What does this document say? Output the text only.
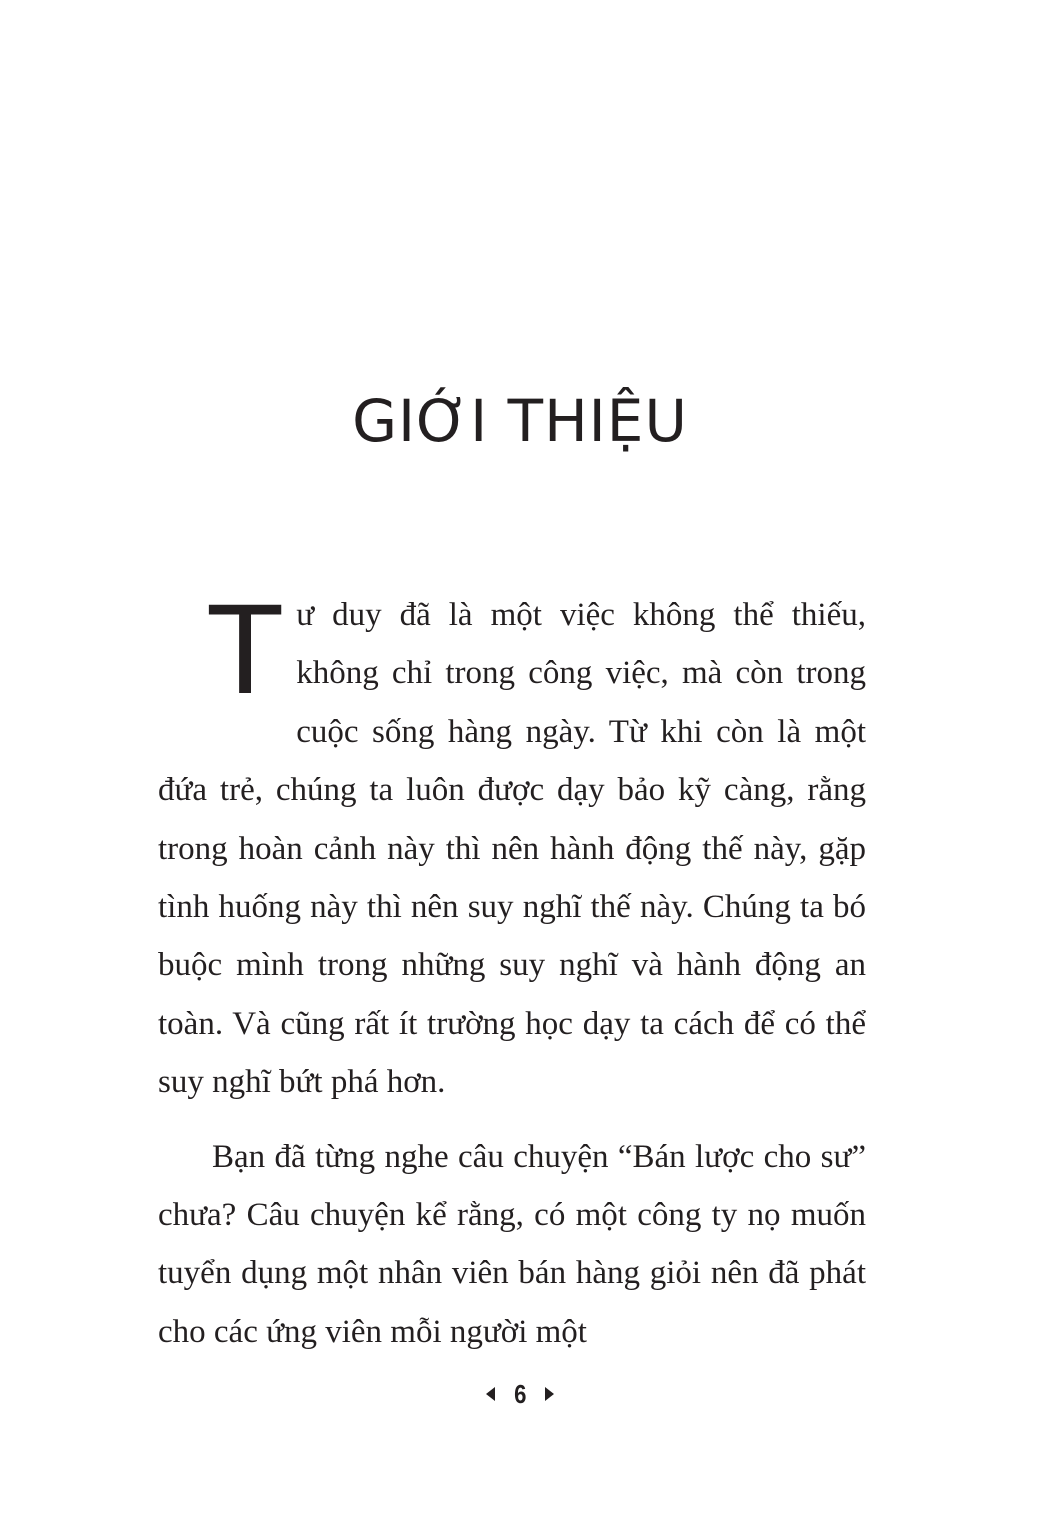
GIỚI THIỆU

Tư duy đã là một việc không thể thiếu, không chỉ trong công việc, mà còn trong cuộc sống hàng ngày. Từ khi còn là một đứa trẻ, chúng ta luôn được dạy bảo kỹ càng, rằng trong hoàn cảnh này thì nên hành động thế này, gặp tình huống này thì nên suy nghĩ thế này. Chúng ta bó buộc mình trong những suy nghĩ và hành động an toàn. Và cũng rất ít trường học dạy ta cách để có thể suy nghĩ bứt phá hơn.

Bạn đã từng nghe câu chuyện “Bán lược cho sư” chưa? Câu chuyện kể rằng, có một công ty nọ muốn tuyển dụng một nhân viên bán hàng giỏi nên đã phát cho các ứng viên mỗi người một

6
